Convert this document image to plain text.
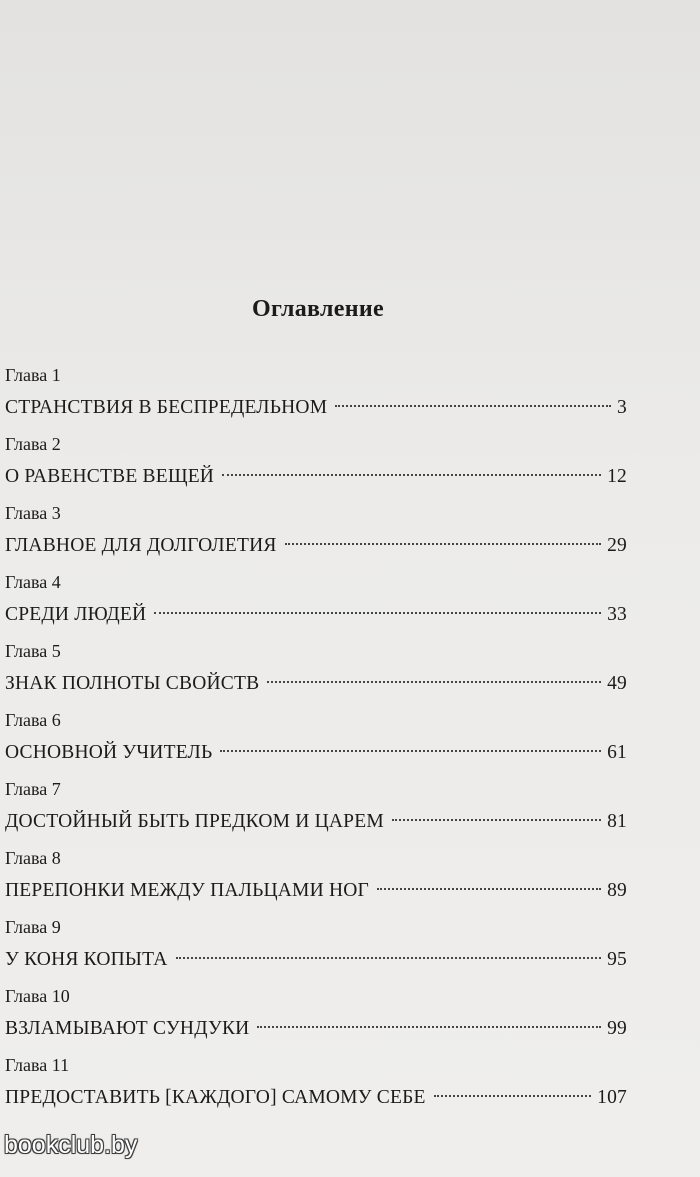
Оглавление
Глава 1
СТРАНСТВИЯ В БЕСПРЕДЕЛЬНОМ	3
Глава 2
О РАВЕНСТВЕ ВЕЩЕЙ	12
Глава 3
ГЛАВНОЕ ДЛЯ ДОЛГОЛЕТИЯ	29
Глава 4
СРЕДИ ЛЮДЕЙ	33
Глава 5
ЗНАК ПОЛНОТЫ СВОЙСТВ	49
Глава 6
ОСНОВНОЙ УЧИТЕЛЬ	61
Глава 7
ДОСТОЙНЫЙ БЫТЬ ПРЕДКОМ И ЦАРЕМ	81
Глава 8
ПЕРЕПОНКИ МЕЖДУ ПАЛЬЦАМИ НОГ	89
Глава 9
У КОНЯ КОПЫТА	95
Глава 10
ВЗЛАМЫВАЮТ СУНДУКИ	99
Глава 11
ПРЕДОСТАВИТЬ [КАЖДОГО] САМОМУ СЕБЕ	107
bookclub.by
